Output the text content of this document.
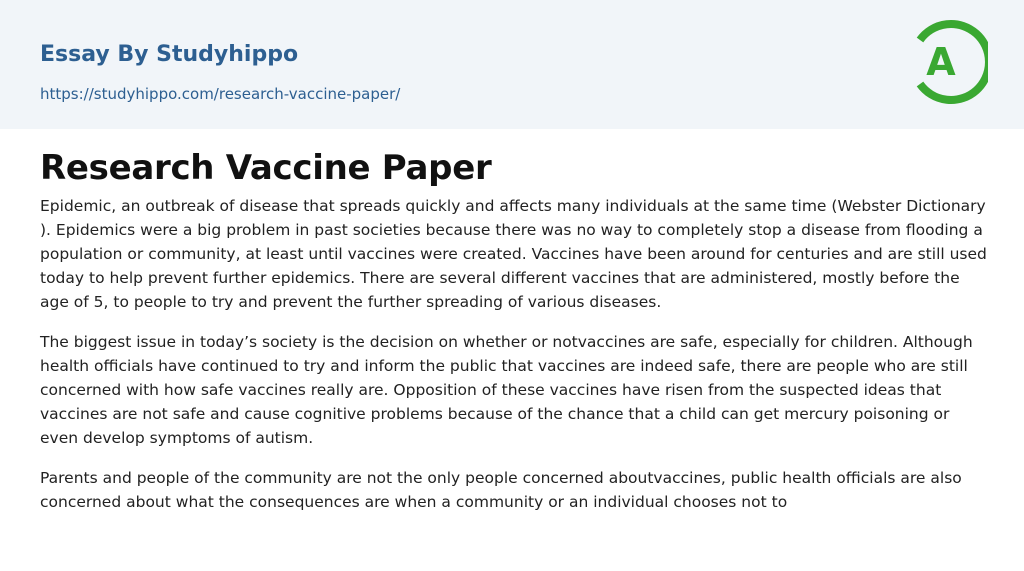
Essay By Studyhippo
https://studyhippo.com/research-vaccine-paper/
A
Research Vaccine Paper

Epidemic, an outbreak of disease that spreads quickly and affects many individuals at the same time (Webster Dictionary ). Epidemics were a big problem in past societies because there was no way to completely stop a disease from flooding a population or community, at least until vaccines were created. Vaccines have been around for centuries and are still used today to help prevent further epidemics. There are several different vaccines that are administered, mostly before the age of 5, to people to try and prevent the further spreading of various diseases.

The biggest issue in today’s society is the decision on whether or notvaccines are safe, especially for children. Although health officials have continued to try and inform the public that vaccines are indeed safe, there are people who are still concerned with how safe vaccines really are. Opposition of these vaccines have risen from the suspected ideas that vaccines are not safe and cause cognitive problems because of the chance that a child can get mercury poisoning or even develop symptoms of autism.

Parents and people of the community are not the only people concerned aboutvaccines, public health officials are also concerned about what the consequences are when a community or an individual chooses not to
